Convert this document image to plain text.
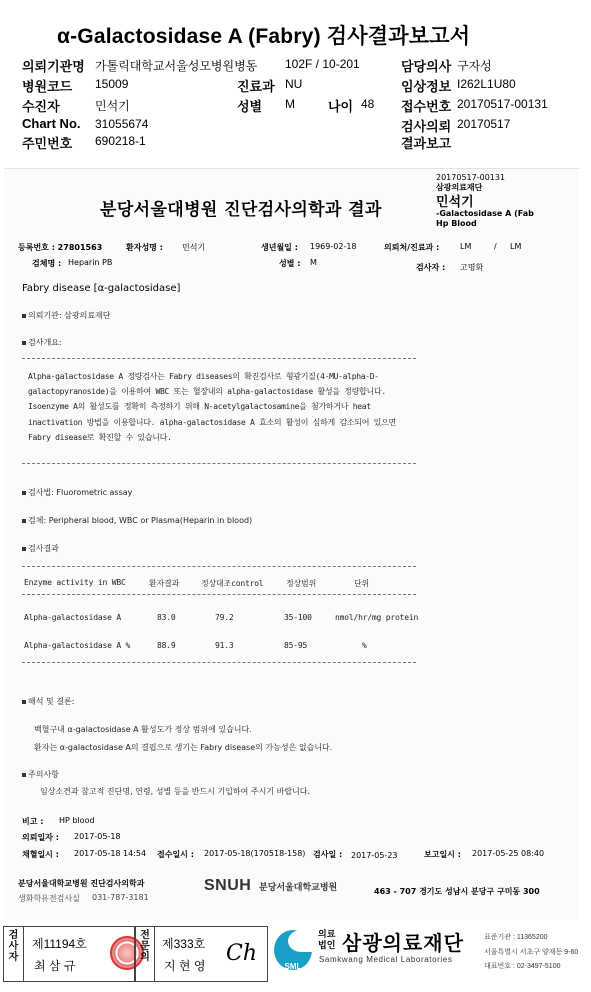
α-Galactosidase A (Fabry) 검사결과보고서
의뢰기관명 가톨릭대학교서울성모병원병동 102F / 10-201	담당의사 구자성
병원코드 15009	진료과 NU	임상정보 I262L1U80
수진자	민석기	성별 M	나이 48 접수번호 20170517-00131
Chart No. 31055674	검사의뢰 20170517
주민번호 690218-1	결과보고
20170517-00131
삼광의료재단
민석기
-Galactosidase A (Fab
Hp Blood
분당서울대병원 진단검사의학과 결과
등록번호 : 27801563	환자성명 : 민석기	생년월일 : 1969-02-18	의뢰처/진료과 :	LM	/ LM
검체명 : Heparin PB	성별 : M
검사자 : 고명화
Fabry disease [α-galactosidase]
의뢰기관: 삼광의료재단
검사개요:
Alpha-galactosidase A 정량검사는 Fabry diseases의 확진검사로 형광기질(4-MU-alpha-D-galactopyranoside)을 이용하여 WBC 또는 혈장내의 alpha-galactosidase 활성을 정량합니다. Isoenzyme A의 활성도를 정확히 측정하기 위해 N-acetylgalactosamine을 첨가하거나 heat inactivation 방법을 이용합니다. alpha-galactosidase A 효소의 활성이 심하게 감소되어 있으면 Fabry disease로 확진할 수 있습니다.
검사법: Fluorometric assay
검체: Peripheral blood, WBC or Plasma(Heparin in blood)
검사결과
Enzyme activity in WBC	환자결과	정상대조control	정상범위	단위
Alpha-galactosidase A	83.0	79.2	35-100	nmol/hr/mg protein
Alpha-galactosidase A %	88.9	91.3	85-95	%
해석 및 결론:
백혈구내 α-galactosidase A 활성도가 정상 범위에 있습니다.
환자는 α-galactosidase A의 결핍으로 생기는 Fabry disease의 가능성은 없습니다.
주의사항
임상소견과 참고적 진단명, 연령, 성별 등을 반드시 기입하여 주시기 바랍니다.
비고 : HP blood
의뢰일자 : 2017-05-18
채혈일시 : 2017-05-18 14:54 접수일시 : 2017-05-18(170518-158) 검사일 : 2017-05-23	보고일시 : 2017-05-25 08:40
분당서울대학교병원 진단검사의학과
생화학유전검사실 031-787-3181
SNUH 분당서울대학교병원	463 - 707 경기도 성남시 분당구 구미동 300
검사자
제11194호
최 삼 규
전문의
제333호
지 현 영 Ch
SML
의료
법인 삼광의료재단
Samkwang Medical Laboratories
표준기관 : 11365200
서울특별시 서초구 양재동 9-60
대표번호 : 02-3497-5100
